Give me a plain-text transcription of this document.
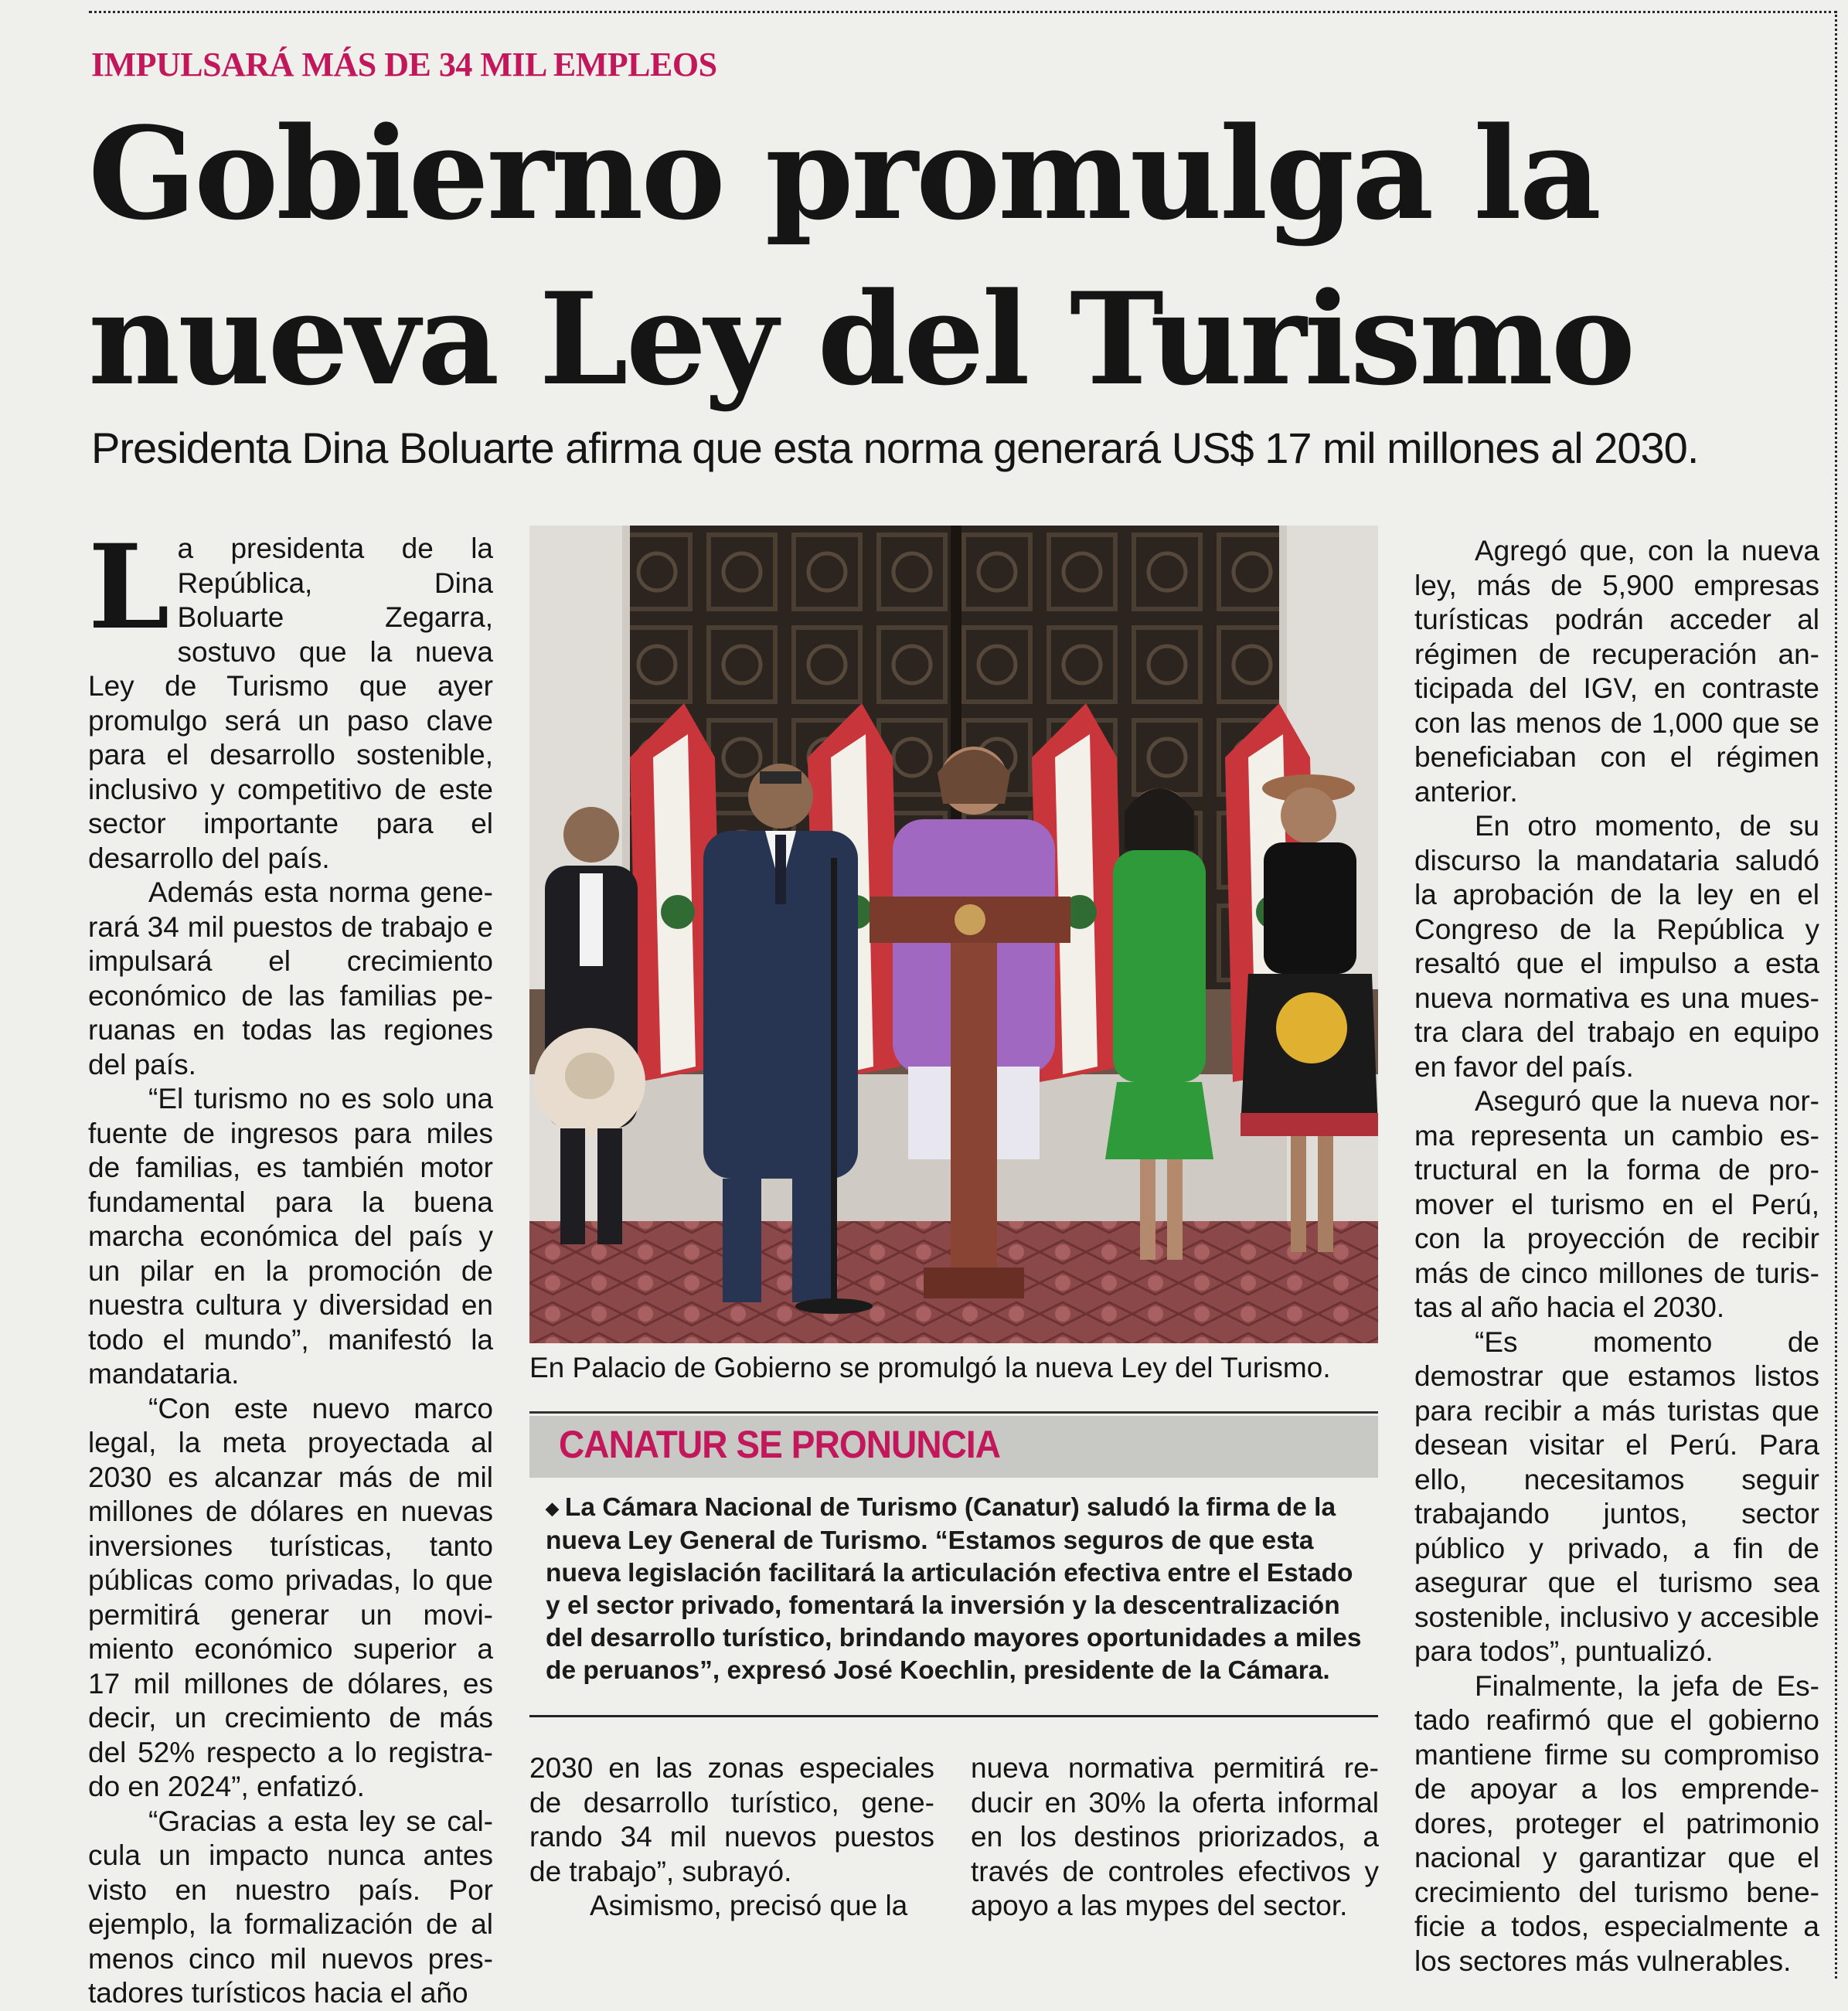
IMPULSARÁ MÁS DE 34 MIL EMPLEOS
Gobierno promulga la
nueva Ley del Turismo
Presidenta Dina Boluarte afirma que esta norma generará US$ 17 mil millones al 2030.

La presidenta de la República, Dina Boluarte Zegarra, sostuvo que la nueva Ley de Turismo que ayer promulgo será un paso clave para el desarrollo sostenible, inclusivo y competitivo de este sector importante para el desarrollo del país.

Además esta norma generará 34 mil puestos de trabajo e impulsará el crecimiento económico de las familias peruanas en todas las regiones del país.

“El turismo no es solo una fuente de ingresos para miles de familias, es también motor fundamental para la buena marcha económica del país y un pilar en la promoción de nuestra cultura y diversidad en todo el mundo”, manifestó la mandataria.

“Con este nuevo marco legal, la meta proyectada al 2030 es alcanzar más de mil millones de dólares en nuevas inversiones turísticas, tanto públicas como privadas, lo que permitirá generar un movimiento económico superior a 17 mil millones de dólares, es decir, un crecimiento de más del 52% respecto a lo registrado en 2024”, enfatizó.

“Gracias a esta ley se calcula un impacto nunca antes visto en nuestro país. Por ejemplo, la formalización de al menos cinco mil nuevos prestadores turísticos hacia el año

En Palacio de Gobierno se promulgó la nueva Ley del Turismo.
CANATUR SE PRONUNCIA
◆ La Cámara Nacional de Turismo (Canatur) saludó la firma de la nueva Ley General de Turismo. “Estamos seguros de que esta nueva legislación facilitará la articulación efectiva entre el Estado y el sector privado, fomentará la inversión y la descentralización del desarrollo turístico, brindando mayores oportunidades a miles de peruanos”, expresó José Koechlin, presidente de la Cámara.

2030 en las zonas especiales de desarrollo turístico, generando 34 mil nuevos puestos de trabajo”, subrayó.

Asimismo, precisó que la

nueva normativa permitirá reducir en 30% la oferta informal en los destinos priorizados, a través de controles efectivos y apoyo a las mypes del sector.

Agregó que, con la nueva ley, más de 5,900 empresas turísticas podrán acceder al régimen de recuperación anticipada del IGV, en contraste con las menos de 1,000 que se beneficiaban con el régimen anterior.

En otro momento, de su discurso la mandataria saludó la aprobación de la ley en el Congreso de la República y resaltó que el impulso a esta nueva normativa es una muestra clara del trabajo en equipo en favor del país.

Aseguró que la nueva norma representa un cambio estructural en la forma de promover el turismo en el Perú, con la proyección de recibir más de cinco millones de turistas al año hacia el 2030.

“Es momento de demostrar que estamos listos para recibir a más turistas que desean visitar el Perú. Para ello, necesitamos seguir trabajando juntos, sector público y privado, a fin de asegurar que el turismo sea sostenible, inclusivo y accesible para todos”, puntualizó.

Finalmente, la jefa de Estado reafirmó que el gobierno mantiene firme su compromiso de apoyar a los emprendedores, proteger el patrimonio nacional y garantizar que el crecimiento del turismo beneficie a todos, especialmente a los sectores más vulnerables.
